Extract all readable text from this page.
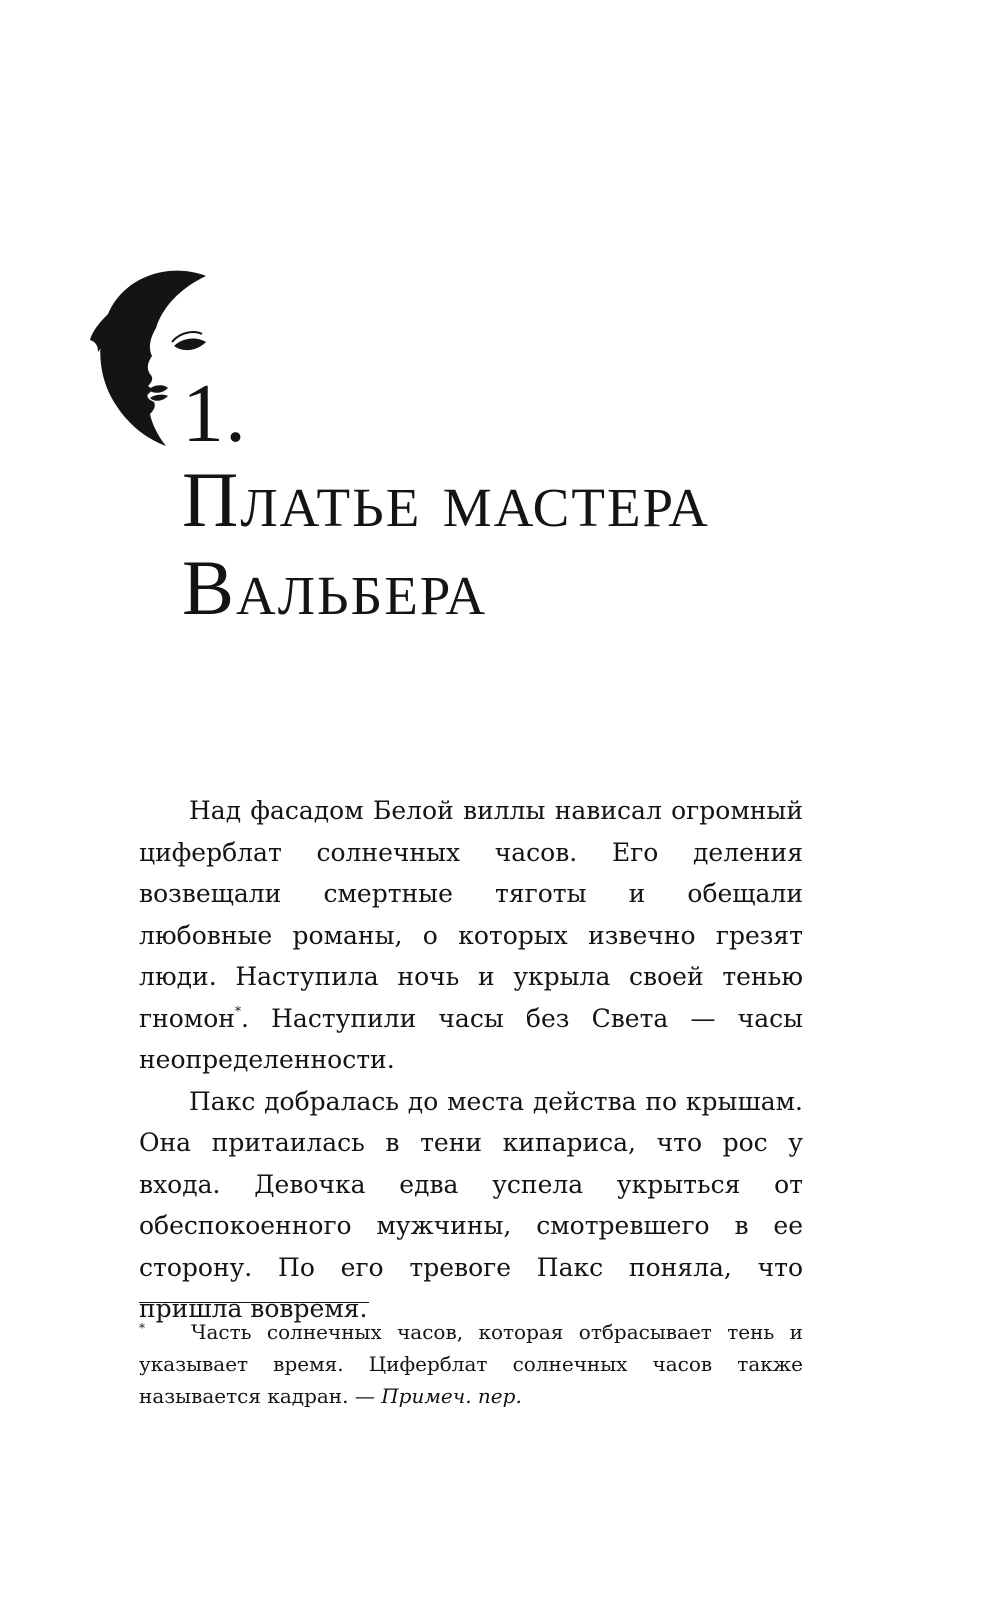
1.
Платье мастера
Вальбера

Над фасадом Белой виллы нависал огромный циферблат солнечных часов. Его деления возвещали смертные тяготы и обещали любовные романы, о которых извечно грезят люди. Наступила ночь и укрыла своей тенью гномон*. Наступили часы без Света — часы неопределенности.

Пакс добралась до места действа по крышам. Она притаилась в тени кипариса, что рос у входа. Девочка едва успела укрыться от обеспокоенного мужчины, смотревшего в ее сторону. По его тревоге Пакс поняла, что пришла вовремя.

*	Часть солнечных часов, которая отбрасывает тень и указывает время. Циферблат солнечных часов также называется кадран. — Примеч. пер.
